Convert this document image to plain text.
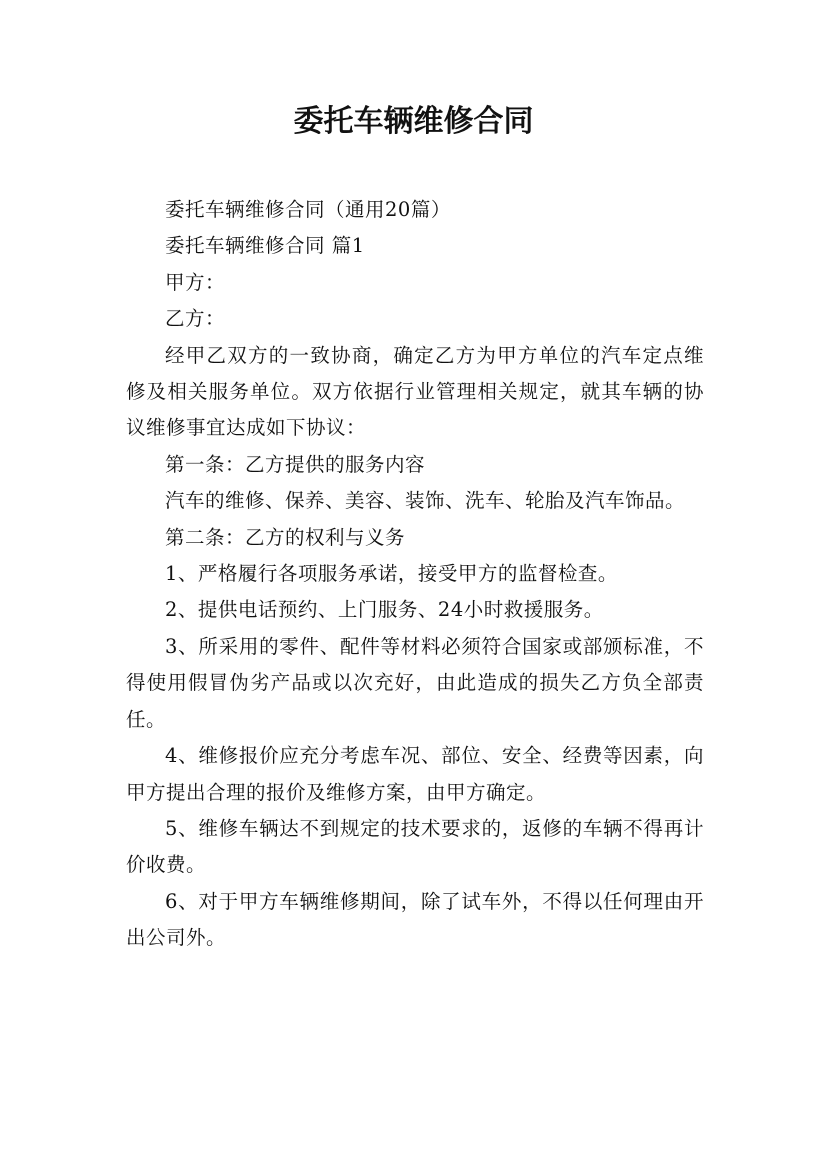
委托车辆维修合同

委托车辆维修合同（通用20篇）

委托车辆维修合同 篇1

甲方：

乙方：

经甲乙双方的一致协商，确定乙方为甲方单位的汽车定点维修及相关服务单位。双方依据行业管理相关规定，就其车辆的协议维修事宜达成如下协议：

第一条：乙方提供的服务内容

汽车的维修、保养、美容、装饰、洗车、轮胎及汽车饰品。

第二条：乙方的权利与义务

1、严格履行各项服务承诺，接受甲方的监督检查。

2、提供电话预约、上门服务、24小时救援服务。

3、所采用的零件、配件等材料必须符合国家或部颁标准，不得使用假冒伪劣产品或以次充好，由此造成的损失乙方负全部责任。

4、维修报价应充分考虑车况、部位、安全、经费等因素，向甲方提出合理的报价及维修方案，由甲方确定。

5、维修车辆达不到规定的技术要求的，返修的车辆不得再计价收费。

6、对于甲方车辆维修期间，除了试车外，不得以任何理由开出公司外。
